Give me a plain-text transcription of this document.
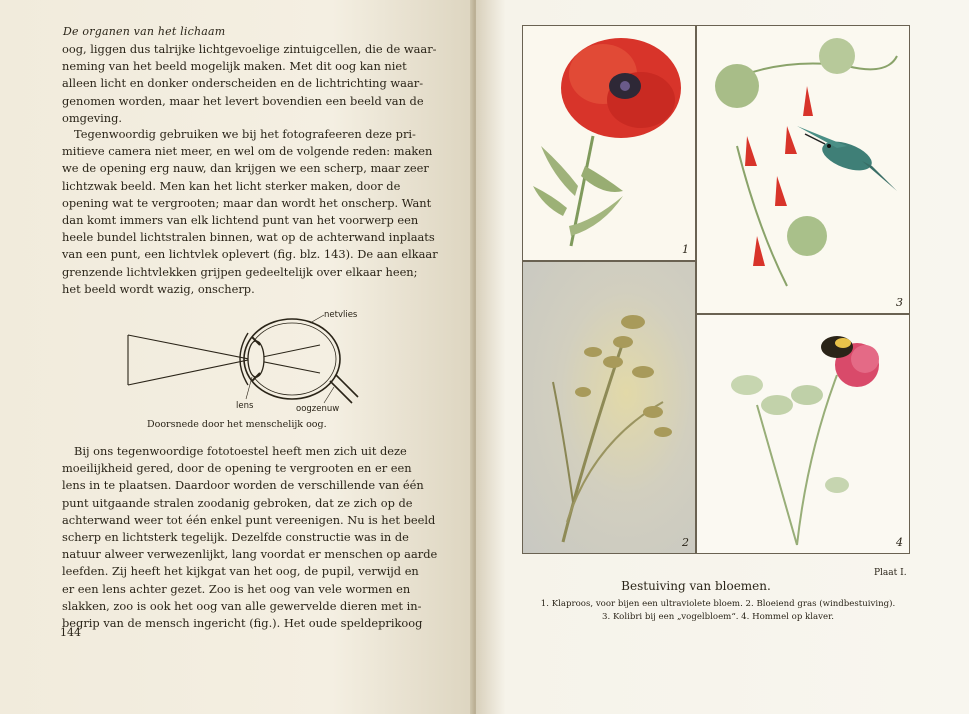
De organen van het lichaam

oog, liggen dus talrijke lichtgevoelige zintuigcellen, die de waar-
neming van het beeld mogelijk maken. Met dit oog kan niet
alleen licht en donker onderscheiden en de lichtrichting waar-
genomen worden, maar het levert bovendien een beeld van de
omgeving.

Tegenwoordig gebruiken we bij het fotografeeren deze pri-
mitieve camera niet meer, en wel om de volgende reden: maken
we de opening erg nauw, dan krijgen we een scherp, maar zeer
lichtzwak beeld. Men kan het licht sterker maken, door de
opening wat te vergrooten; maar dan wordt het onscherp. Want
dan komt immers van elk lichtend punt van het voorwerp een
heele bundel lichtstralen binnen, wat op de achterwand inplaats
van een punt, een lichtvlek oplevert (fig. blz. 143). De aan elkaar
grenzende lichtvlekken grijpen gedeeltelijk over elkaar heen;
het beeld wordt wazig, onscherp.

netvlies
lens	oogzenuw
Doorsnede door het menschelijk oog.

Bij ons tegenwoordige fototoestel heeft men zich uit deze
moeilijkheid gered, door de opening te vergrooten en er een
lens in te plaatsen. Daardoor worden de verschillende van één
punt uitgaande stralen zoodanig gebroken, dat ze zich op de
achterwand weer tot één enkel punt vereenigen. Nu is het beeld
scherp en lichtsterk tegelijk. Dezelfde constructie was in de
natuur alweer verwezenlijkt, lang voordat er menschen op aarde
leefden. Zij heeft het kijkgat van het oog, de pupil, verwijd en
er een lens achter gezet. Zoo is het oog van vele wormen en
slakken, zoo is ook het oog van alle gewervelde dieren met in-
begrip van de mensch ingericht (fig.). Het oude speldeprikoog

144
1
3
2	4
Plaat I.
Bestuiving van bloemen.
1. Klaproos, voor bijen een ultraviolete bloem. 2. Bloeiend gras (windbestuiving).
3. Kolibri bij een „vogelbloem“. 4. Hommel op klaver.
